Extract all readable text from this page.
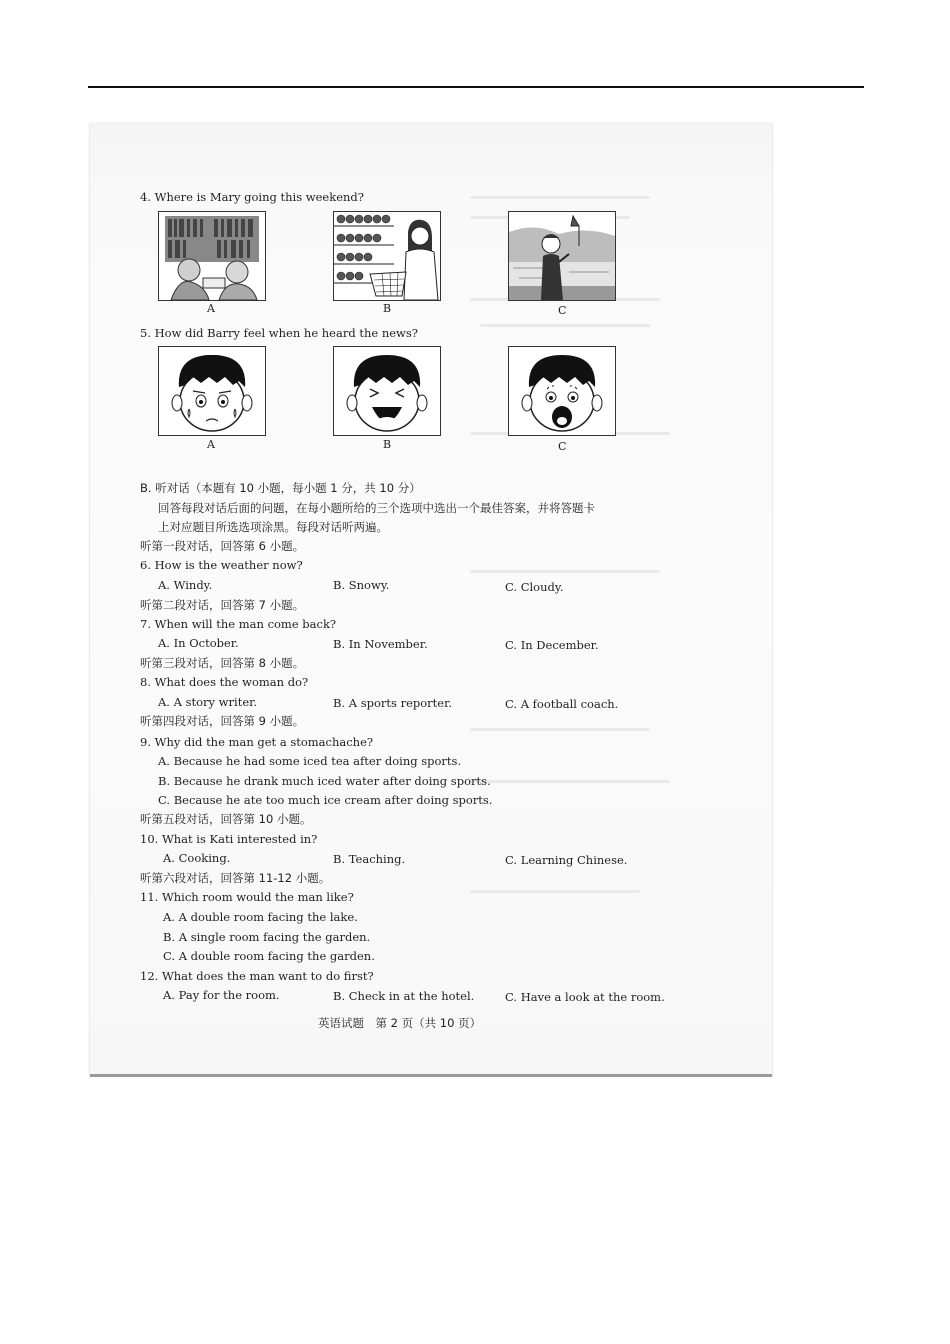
4. Where is Mary going this weekend?
A	B	C
5. How did Barry feel when he heard the news?
A	B	C
B. 听对话（本题有 10 小题，每小题 1 分，共 10 分）
回答每段对话后面的问题，在每小题所给的三个选项中选出一个最佳答案，并将答题卡
上对应题目所选选项涂黑。每段对话听两遍。
听第一段对话，回答第 6 小题。
6. How is the weather now?
A. Windy.	B. Snowy.	C. Cloudy.
听第二段对话，回答第 7 小题。
7. When will the man come back?
A. In October.	B. In November.	C. In December.
听第三段对话，回答第 8 小题。
8. What does the woman do?
A. A story writer.	B. A sports reporter.	C. A football coach.
听第四段对话，回答第 9 小题。
9. Why did the man get a stomachache?
A. Because he had some iced tea after doing sports.
B. Because he drank much iced water after doing sports.
C. Because he ate too much ice cream after doing sports.
听第五段对话，回答第 10 小题。
10. What is Kati interested in?
A. Cooking.	B. Teaching.	C. Learning Chinese.
听第六段对话，回答第 11-12 小题。
11. Which room would the man like?
A. A double room facing the lake.
B. A single room facing the garden.
C. A double room facing the garden.
12. What does the man want to do first?
A. Pay for the room.	B. Check in at the hotel.	C. Have a look at the room.
英语试题　第 2 页（共 10 页）
